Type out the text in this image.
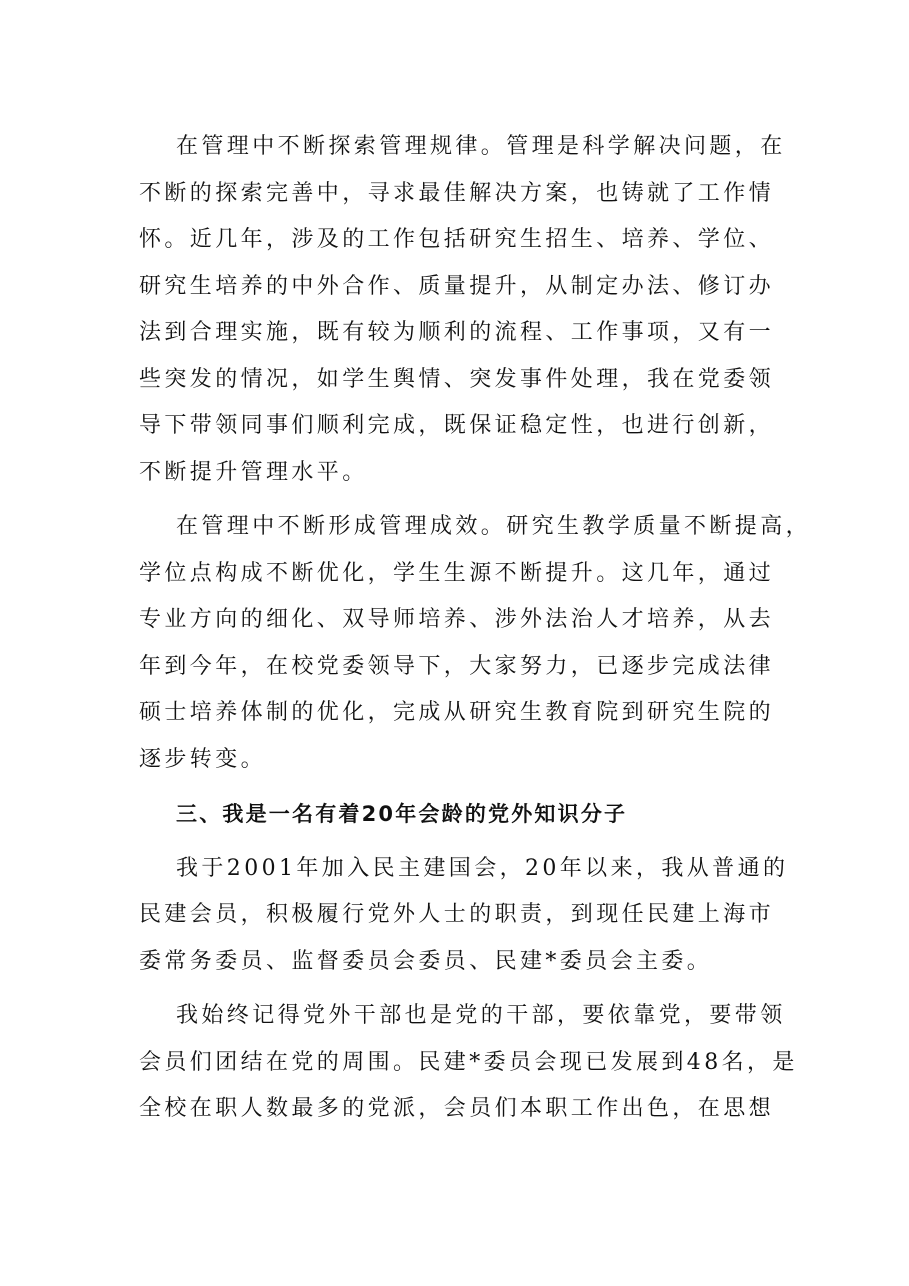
在管理中不断探索管理规律。管理是科学解决问题，在
不断的探索完善中，寻求最佳解决方案，也铸就了工作情
怀。近几年，涉及的工作包括研究生招生、培养、学位、
研究生培养的中外合作、质量提升，从制定办法、修订办
法到合理实施，既有较为顺利的流程、工作事项，又有一
些突发的情况，如学生舆情、突发事件处理，我在党委领
导下带领同事们顺利完成，既保证稳定性，也进行创新，
不断提升管理水平。
在管理中不断形成管理成效。研究生教学质量不断提高，
学位点构成不断优化，学生生源不断提升。这几年，通过
专业方向的细化、双导师培养、涉外法治人才培养，从去
年到今年，在校党委领导下，大家努力，已逐步完成法律
硕士培养体制的优化，完成从研究生教育院到研究生院的
逐步转变。
三、我是一名有着20年会龄的党外知识分子
我于2001年加入民主建国会，20年以来，我从普通的
民建会员，积极履行党外人士的职责，到现任民建上海市
委常务委员、监督委员会委员、民建*委员会主委。
我始终记得党外干部也是党的干部，要依靠党，要带领
会员们团结在党的周围。民建*委员会现已发展到48名，是
全校在职人数最多的党派，会员们本职工作出色，在思想
